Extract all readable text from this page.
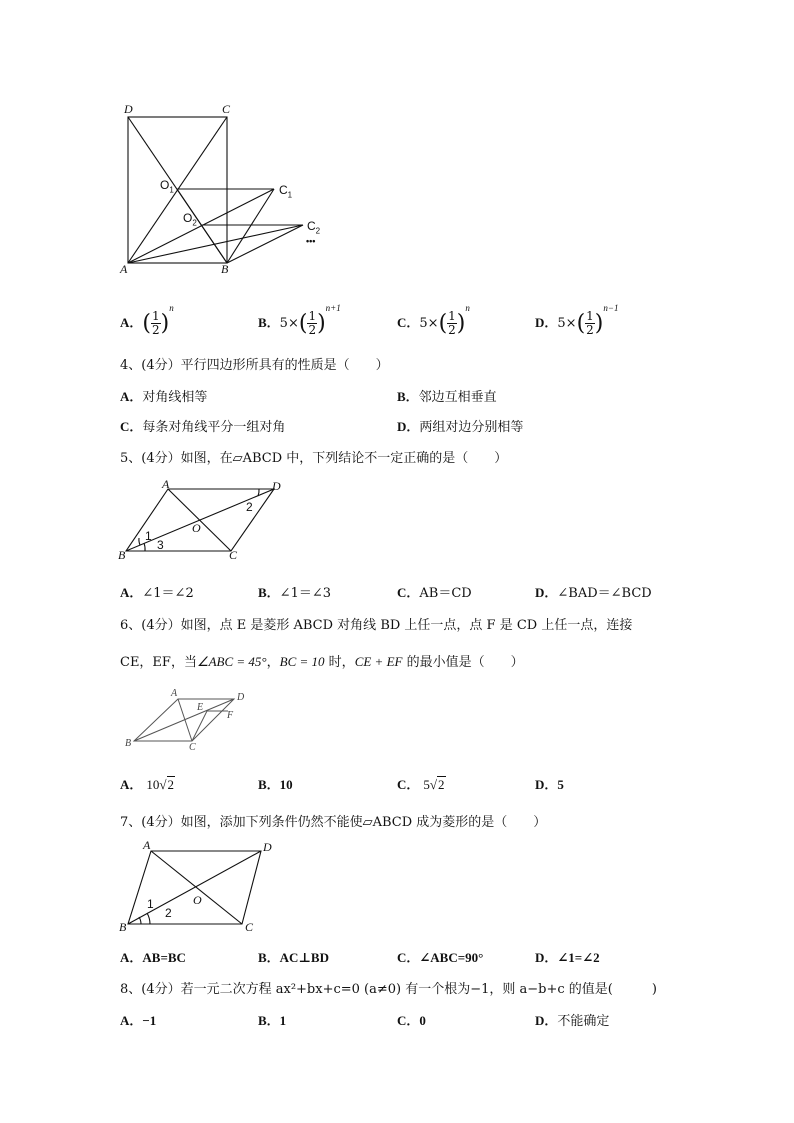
D	C
A	B
$O_1$
$O_2$
$C_1$
$C_2$
•••
A．( $\frac{1}{2} )^n$
B．$5\times( \frac{1}{2} )^{n+1}$
C．$5\times( \frac{1}{2} )^n$
D．$5\times( \frac{1}{2} )^{n-1}$
4、(4分）平行四边形所具有的性质是（　　）
A．对角线相等	B．邻边互相垂直
C．每条对角线平分一组对角	D．两组对边分别相等
5、(4分）如图，在▱ABCD 中，下列结论不一定正确的是（　　）
A	D
B	C
O
1
2
3
A．∠1＝∠2	B．∠1＝∠3	C．AB＝CD	D．∠BAD＝∠BCD
6、(4分）如图，点 E 是菱形 ABCD 对角线 BD 上任一点，点 F 是 CD 上任一点，连接
CE，EF，当∠ABC = 45°，BC = 10 时，CE + EF 的最小值是（　　）
A	D
B	C
E
F
A． 10√2	B．10	C． 5√2	D．5
7、(4分）如图，添加下列条件仍然不能使▱ABCD 成为菱形的是（　　）
A	D
B	C
O
1
2
A．AB=BC	B．AC⊥BD	C．∠ABC=90°	D．∠1=∠2
8、(4分）若一元二次方程 ax²+bx+c=0 (a≠0) 有一个根为−1，则 a−b+c 的值是(　　　)
A．−1	B．1	C．0	D．不能确定
